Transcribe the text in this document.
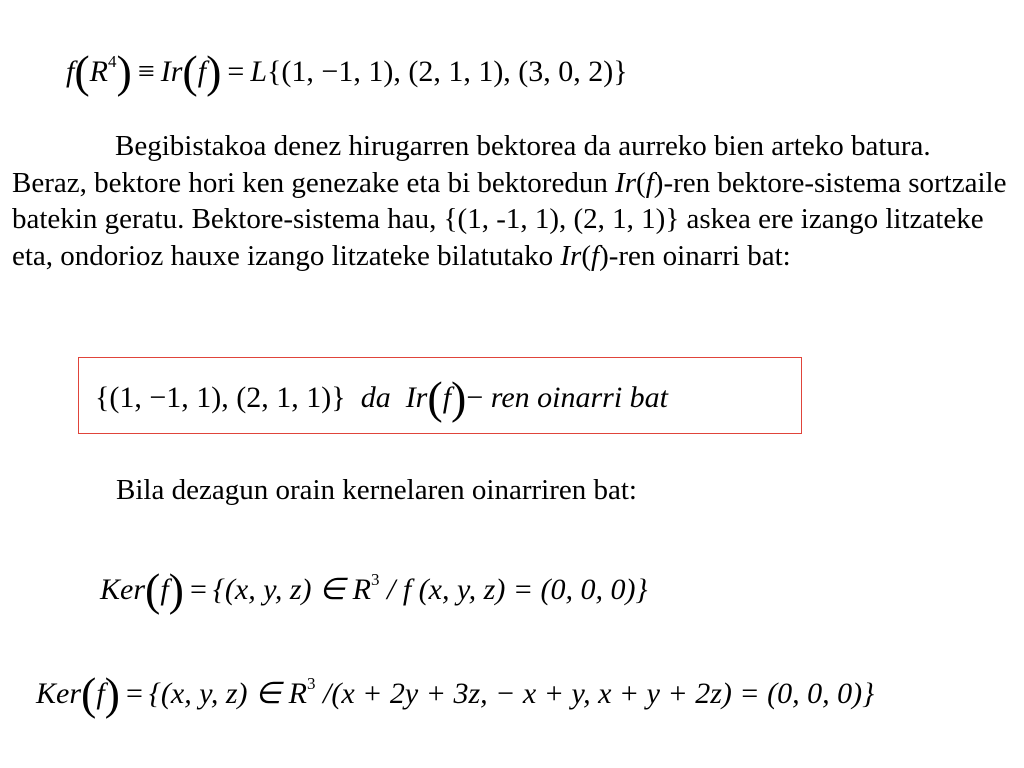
$f(R^4) \equiv Ir(f) = L\{(1$, −1, 1), (2, 1, 1), (3, 0, 2)}
Begibistakoa denez hirugarren bektorea da aurreko bien arteko batura. Beraz, bektore hori ken genezake eta bi bektoredun Ir(f)-ren bektore-sistema sortzaile batekin geratu. Bektore-sistema hau, {(1, -1, 1), (2, 1, 1)} askea ere izango litzateke eta, ondorioz hauxe izango litzateke bilatutako Ir(f)-ren oinarri bat:
{(1, −1, 1), (2, 1, 1)} da Ir(f)− ren oinarri bat
Bila dezagun orain kernelaren oinarriren bat:
Ker(f) = {(x, y, z) ∈ $R^3$ / f (x, y, z) = (0, 0, 0)}
Ker(f) = {(x, y, z) ∈ $R^3$ /(x + 2y + 3z, − x + y, x + y + 2z) = (0, 0, 0)}
